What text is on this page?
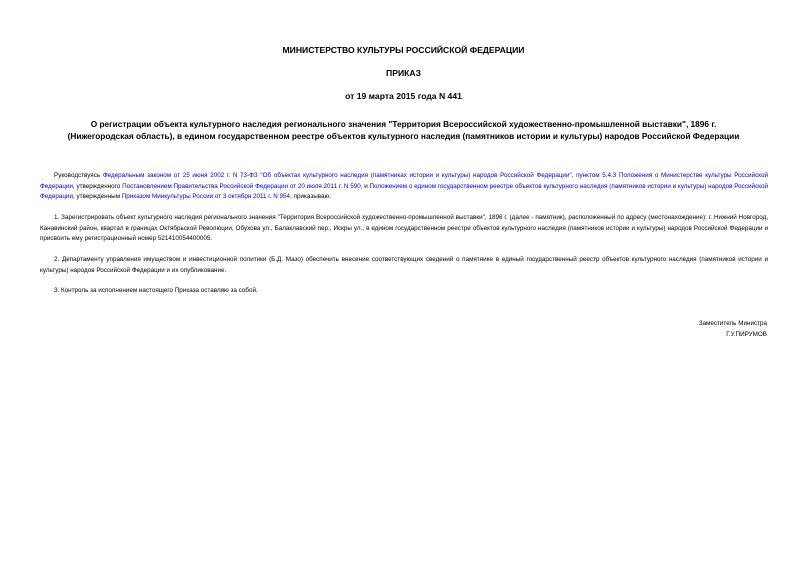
МИНИСТЕРСТВО КУЛЬТУРЫ РОССИЙСКОЙ ФЕДЕРАЦИИ
ПРИКАЗ
от 19 марта 2015 года N 441
О регистрации объекта культурного наследия регионального значения "Территория Всероссийской художественно-промышленной выставки", 1896 г.
(Нижегородская область), в едином государственном реестре объектов культурного наследия (памятников истории и культуры) народов Российской Федерации
Руководствуясь Федеральным законом от 25 июня 2002 г. N 73-ФЗ "Об объектах культурного наследия (памятниках истории и культуры) народов Российской Федерации", пунктом 5.4.3 Положения о Министерстве культуры Российской Федерации, утвержденного Постановлением Правительства Российской Федерации от 20 июля 2011 г. N 590, и Положением о едином государственном реестре объектов культурного наследия (памятников истории и культуры) народов Российской Федерации, утвержденным Приказом Минкультуры России от 3 октября 2011 г. N 954, приказываю:
1. Зарегистрировать объект культурного наследия регионального значения "Территория Всероссийской художественно-промышленной выставки", 1896 г. (далее - памятник), расположенный по адресу (местонахождение): г. Нижний Новгород, Канавинский район, квартал в границах Октябрьской Революции, Обухова ул., Балаклавский пер., Искры ул., в едином государственном реестре объектов культурного наследия (памятников истории и культуры) народов Российской Федерации и присвоить ему регистрационный номер 521410054400005.
2. Департаменту управления имуществом и инвестиционной политики (Б.Д. Мазо) обеспечить внесение соответствующих сведений о памятнике в единый государственный реестр объектов культурного наследия (памятников истории и культуры) народов Российской Федерации и их опубликование.
3. Контроль за исполнением настоящего Приказа оставляю за собой.
Заместитель Министра
Г.У.ПИРУМОВ
